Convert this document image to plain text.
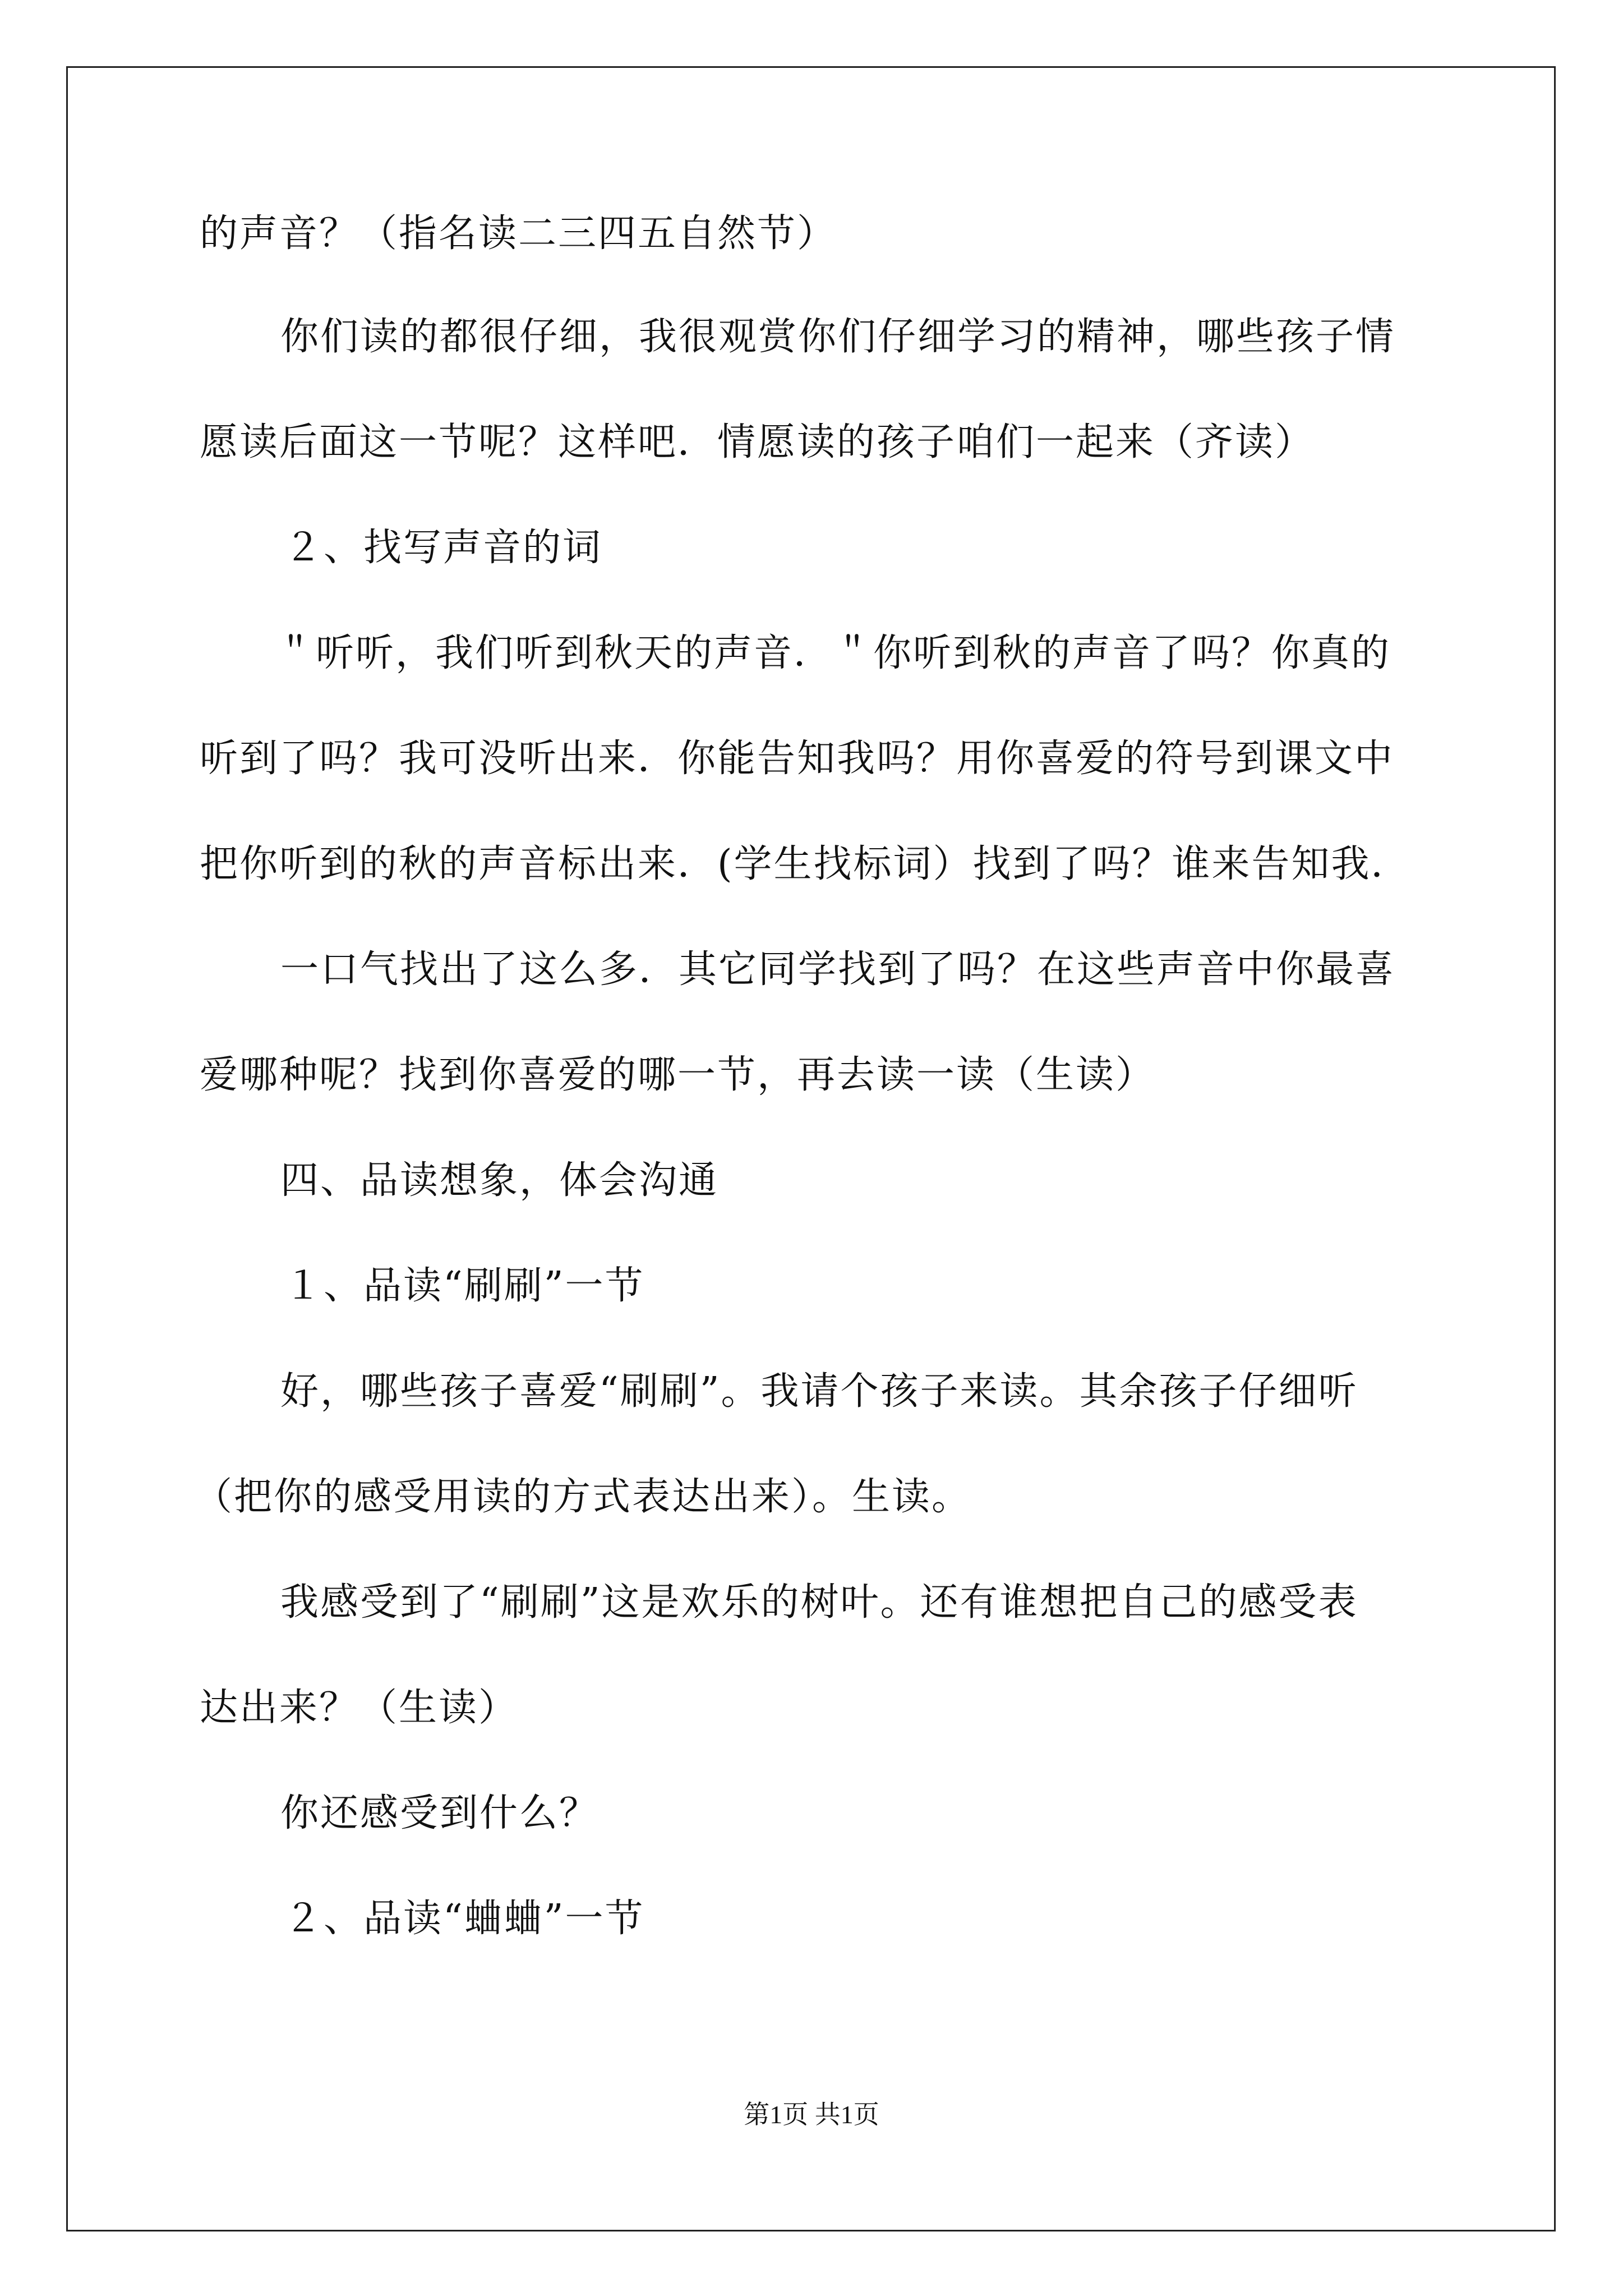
的声音？（指名读二三四五自然节）
你们读的都很仔细，我很观赏你们仔细学习的精神，哪些孩子情
愿读后面这一节呢？这样吧．情愿读的孩子咱们一起来（齐读）
２、找写声音的词
＂听听，我们听到秋天的声音．＂你听到秋的声音了吗？你真的
听到了吗？我可没听出来．你能告知我吗？用你喜爱的符号到课文中
把你听到的秋的声音标出来．(学生找标词）找到了吗？谁来告知我．
一口气找出了这么多．其它同学找到了吗？在这些声音中你最喜
爱哪种呢？找到你喜爱的哪一节，再去读一读（生读）
四、品读想象，体会沟通
１、品读“刷刷”一节
好，哪些孩子喜爱“刷刷”。我请个孩子来读。其余孩子仔细听
（把你的感受用读的方式表达出来）。生读。
我感受到了“刷刷”这是欢乐的树叶。还有谁想把自己的感受表
达出来？（生读）
你还感受到什么？
２、品读“蛐蛐”一节
第1页 共1页
